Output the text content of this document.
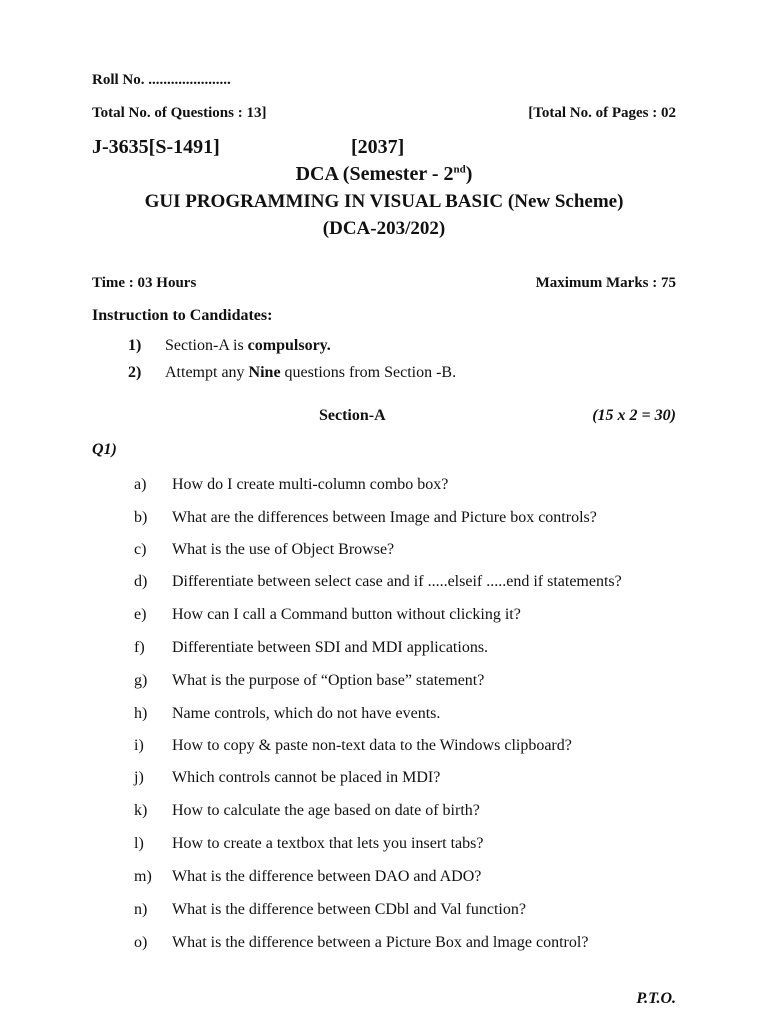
Roll No. ......................
Total No. of Questions : 13]	[Total No. of Pages : 02
J-3635[S-1491]	[2037]
DCA (Semester - 2nd)
GUI PROGRAMMING IN VISUAL BASIC (New Scheme)
(DCA-203/202)
Time : 03 Hours	Maximum Marks : 75
Instruction to Candidates:
1) Section-A is compulsory.
2) Attempt any Nine questions from Section -B.
Section-A	(15 x 2 = 30)
Q1)
a)	How do I create multi-column combo box?
b)	What are the differences between Image and Picture box controls?
c)	What is the use of Object Browse?
d)	Differentiate between select case and if .....elseif .....end if statements?
e)	How can I call a Command button without clicking it?
f)	Differentiate between SDI and MDI applications.
g)	What is the purpose of “Option base” statement?
h)	Name controls, which do not have events.
i)	How to copy & paste non-text data to the Windows clipboard?
j)	Which controls cannot be placed in MDI?
k)	How to calculate the age based on date of birth?
l)	How to create a textbox that lets you insert tabs?
m)	What is the difference between DAO and ADO?
n)	What is the difference between CDbl and Val function?
o)	What is the difference between a Picture Box and lmage control?
P.T.O.
